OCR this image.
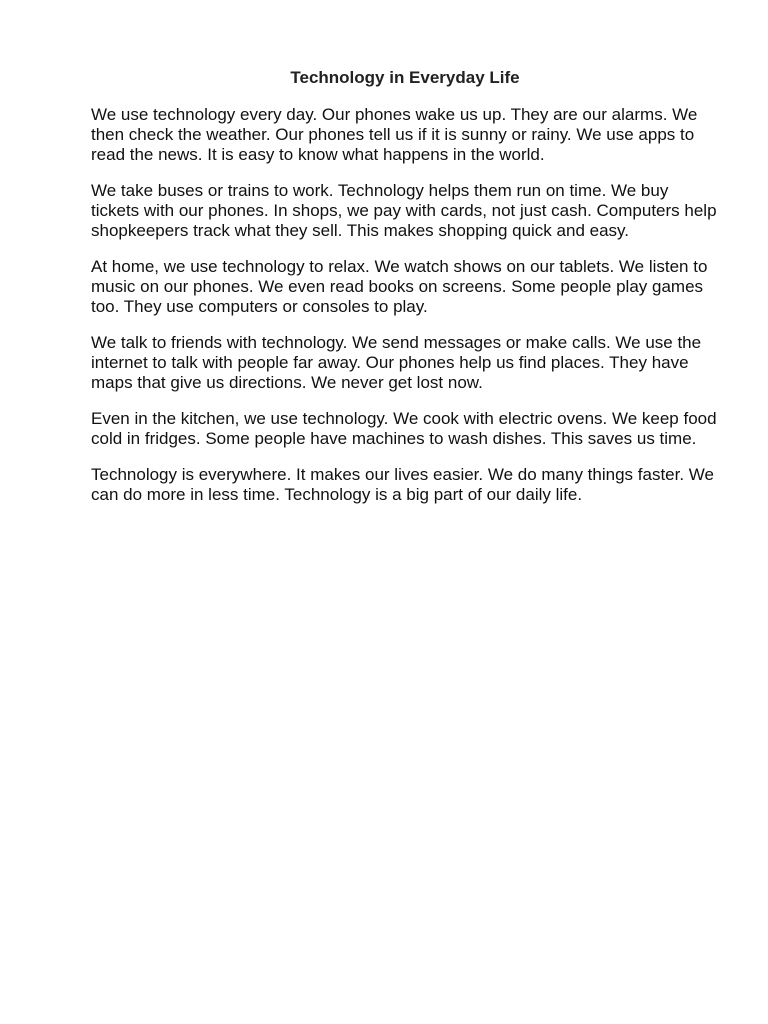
Technology in Everyday Life

We use technology every day. Our phones wake us up. They are our alarms. We then check the weather. Our phones tell us if it is sunny or rainy. We use apps to read the news. It is easy to know what happens in the world.

We take buses or trains to work. Technology helps them run on time. We buy tickets with our phones. In shops, we pay with cards, not just cash. Computers help shopkeepers track what they sell. This makes shopping quick and easy.

At home, we use technology to relax. We watch shows on our tablets. We listen to music on our phones. We even read books on screens. Some people play games too. They use computers or consoles to play.

We talk to friends with technology. We send messages or make calls. We use the internet to talk with people far away. Our phones help us find places. They have maps that give us directions. We never get lost now.

Even in the kitchen, we use technology. We cook with electric ovens. We keep food cold in fridges. Some people have machines to wash dishes. This saves us time.

Technology is everywhere. It makes our lives easier. We do many things faster. We can do more in less time. Technology is a big part of our daily life.
